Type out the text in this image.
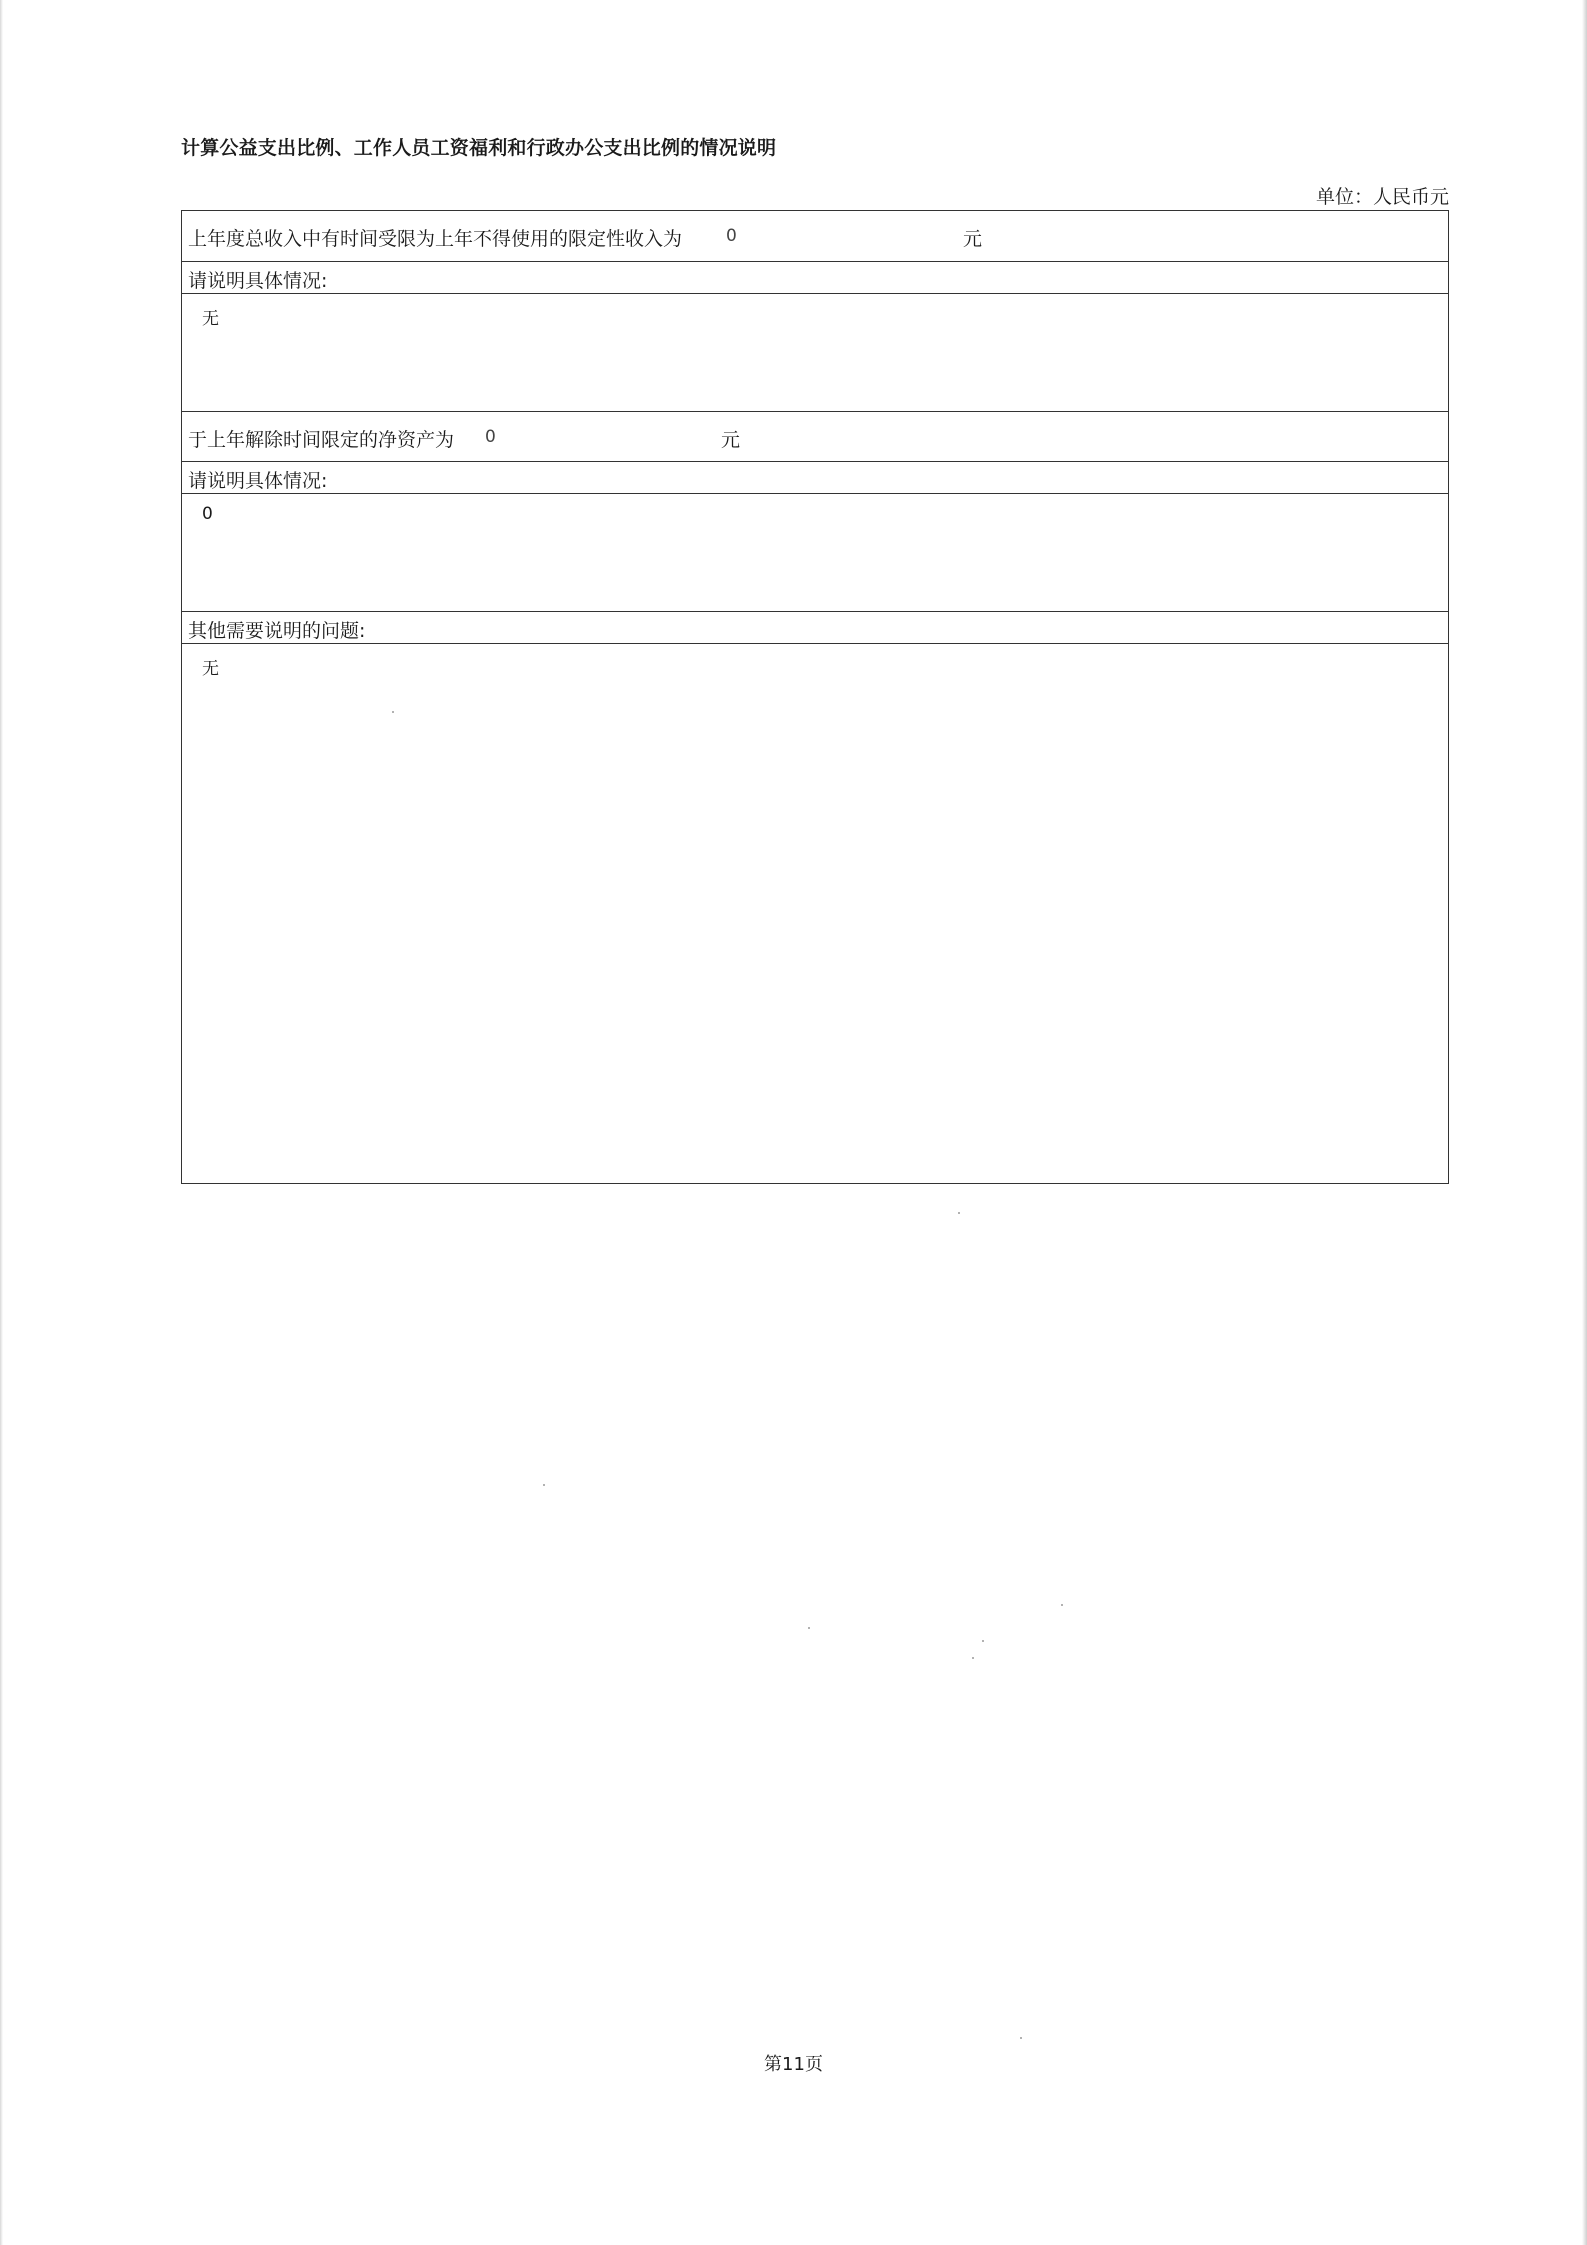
计算公益支出比例、工作人员工资福利和行政办公支出比例的情况说明
单位：人民币元
上年度总收入中有时间受限为上年不得使用的限定性收入为	0	元
请说明具体情况:
无
于上年解除时间限定的净资产为 0	元
请说明具体情况:
0
其他需要说明的问题:
无
第11页
